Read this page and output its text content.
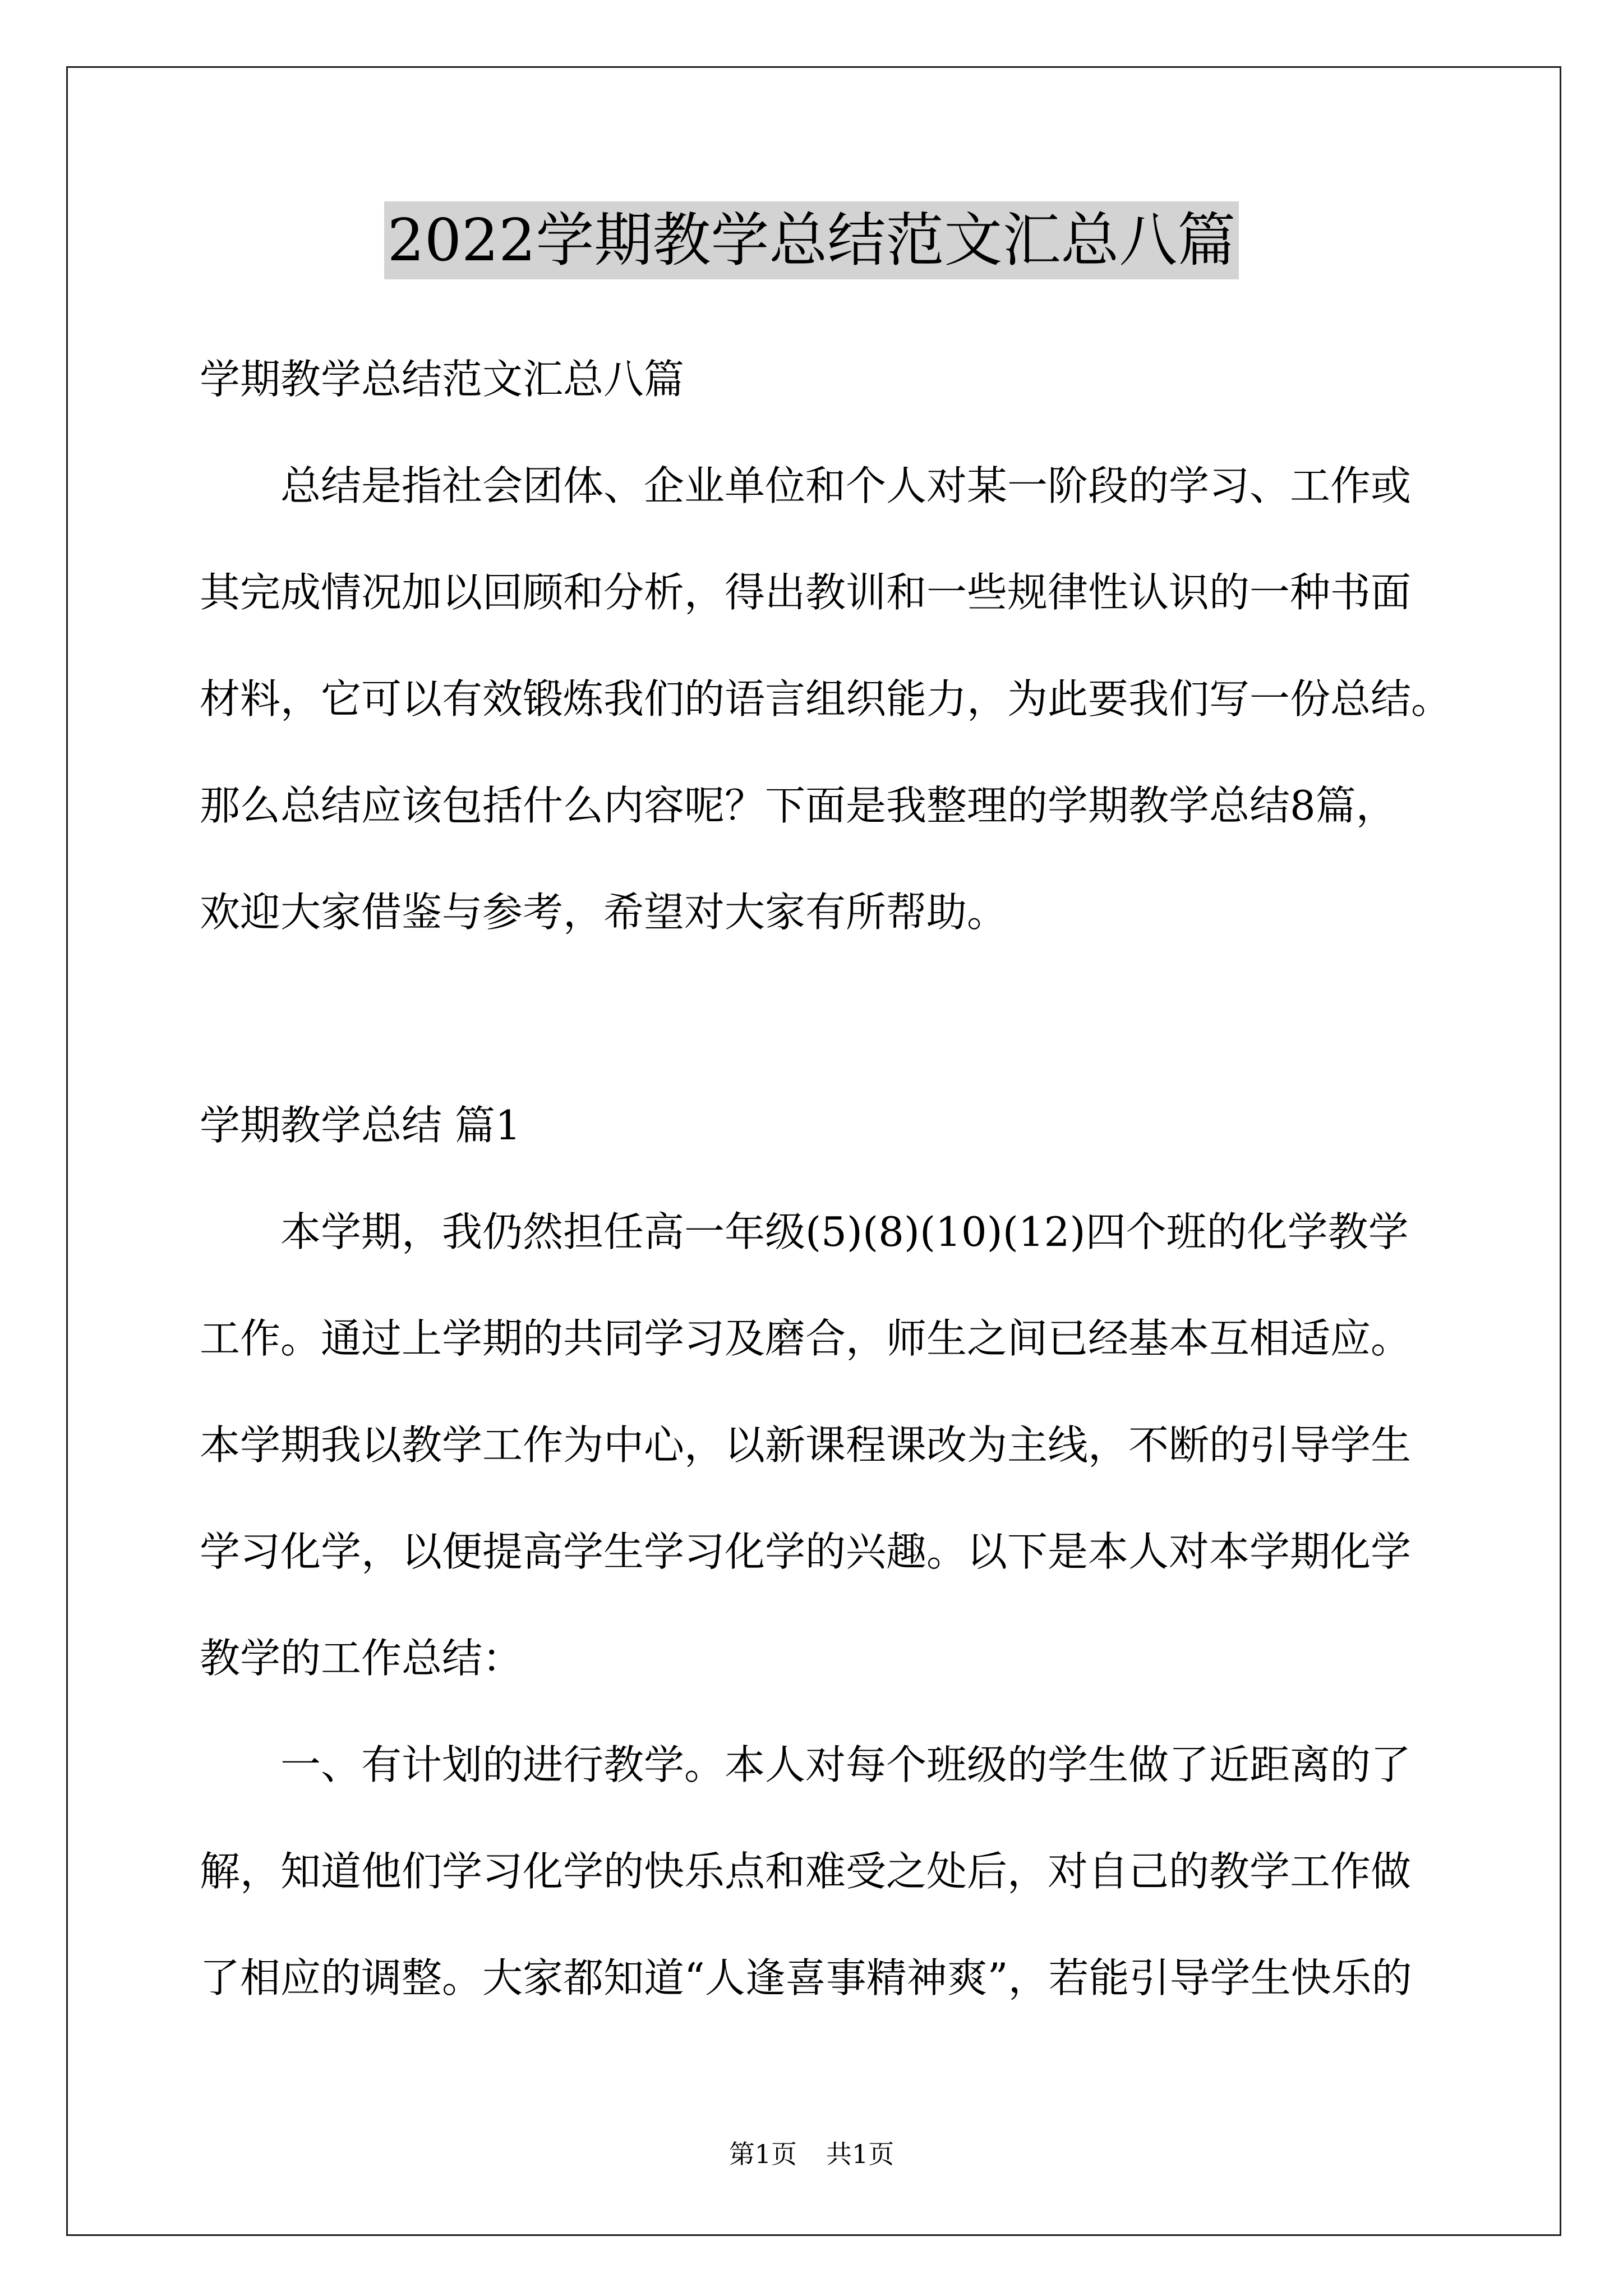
2022学期教学总结范文汇总八篇
学期教学总结范文汇总八篇
总结是指社会团体、企业单位和个人对某一阶段的学习、工作或
其完成情况加以回顾和分析，得出教训和一些规律性认识的一种书面
材料，它可以有效锻炼我们的语言组织能力，为此要我们写一份总结。
那么总结应该包括什么内容呢？下面是我整理的学期教学总结8篇，
欢迎大家借鉴与参考，希望对大家有所帮助。
学期教学总结 篇1
本学期，我仍然担任高一年级(5)(8)(10)(12)四个班的化学教学
工作。通过上学期的共同学习及磨合，师生之间已经基本互相适应。
本学期我以教学工作为中心，以新课程课改为主线，不断的引导学生
学习化学，以便提高学生学习化学的兴趣。以下是本人对本学期化学
教学的工作总结：
一、有计划的进行教学。本人对每个班级的学生做了近距离的了
解，知道他们学习化学的快乐点和难受之处后，对自己的教学工作做
了相应的调整。大家都知道“人逢喜事精神爽”，若能引导学生快乐的
第1页 共1页
